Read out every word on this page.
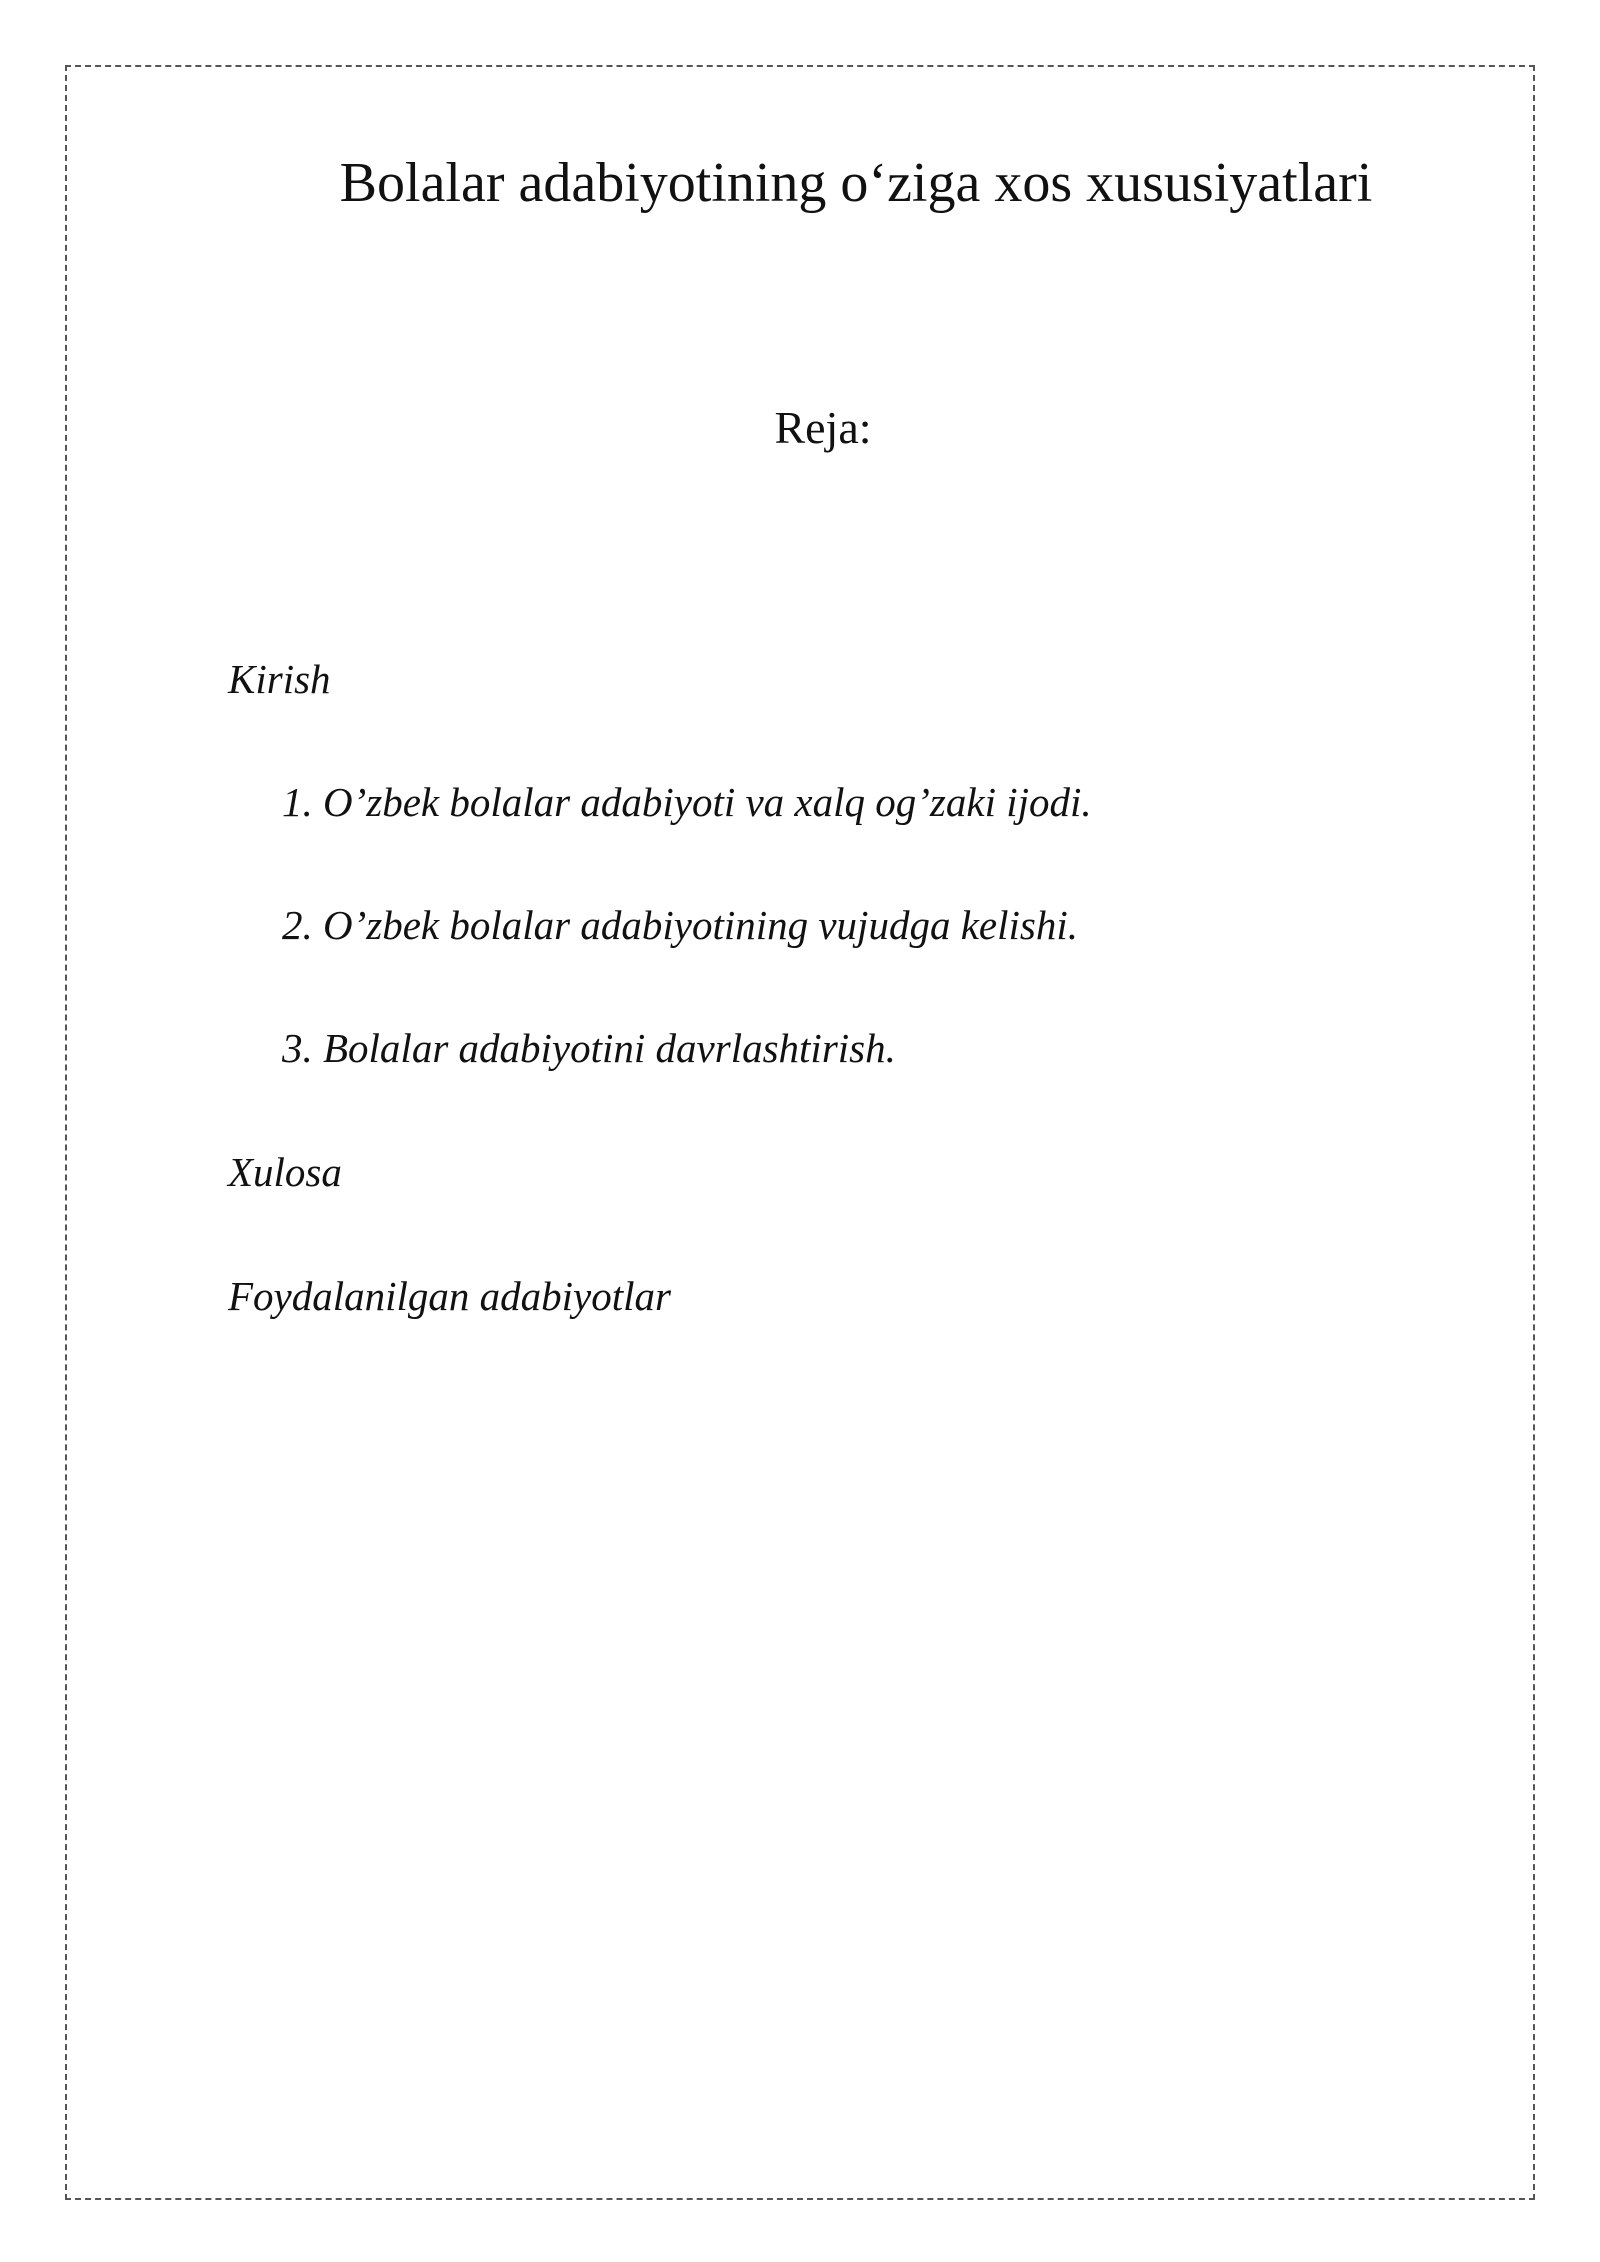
Bolalar adabiyotining o‘ziga xos xususiyatlari
Reja:
Kirish
1. O’zbek bolalar adabiyoti va xalq og’zaki ijodi.
2. O’zbek bolalar adabiyotining vujudga kelishi.
3. Bolalar adabiyotini davrlashtirish.
Xulosa
Foydalanilgan adabiyotlar
